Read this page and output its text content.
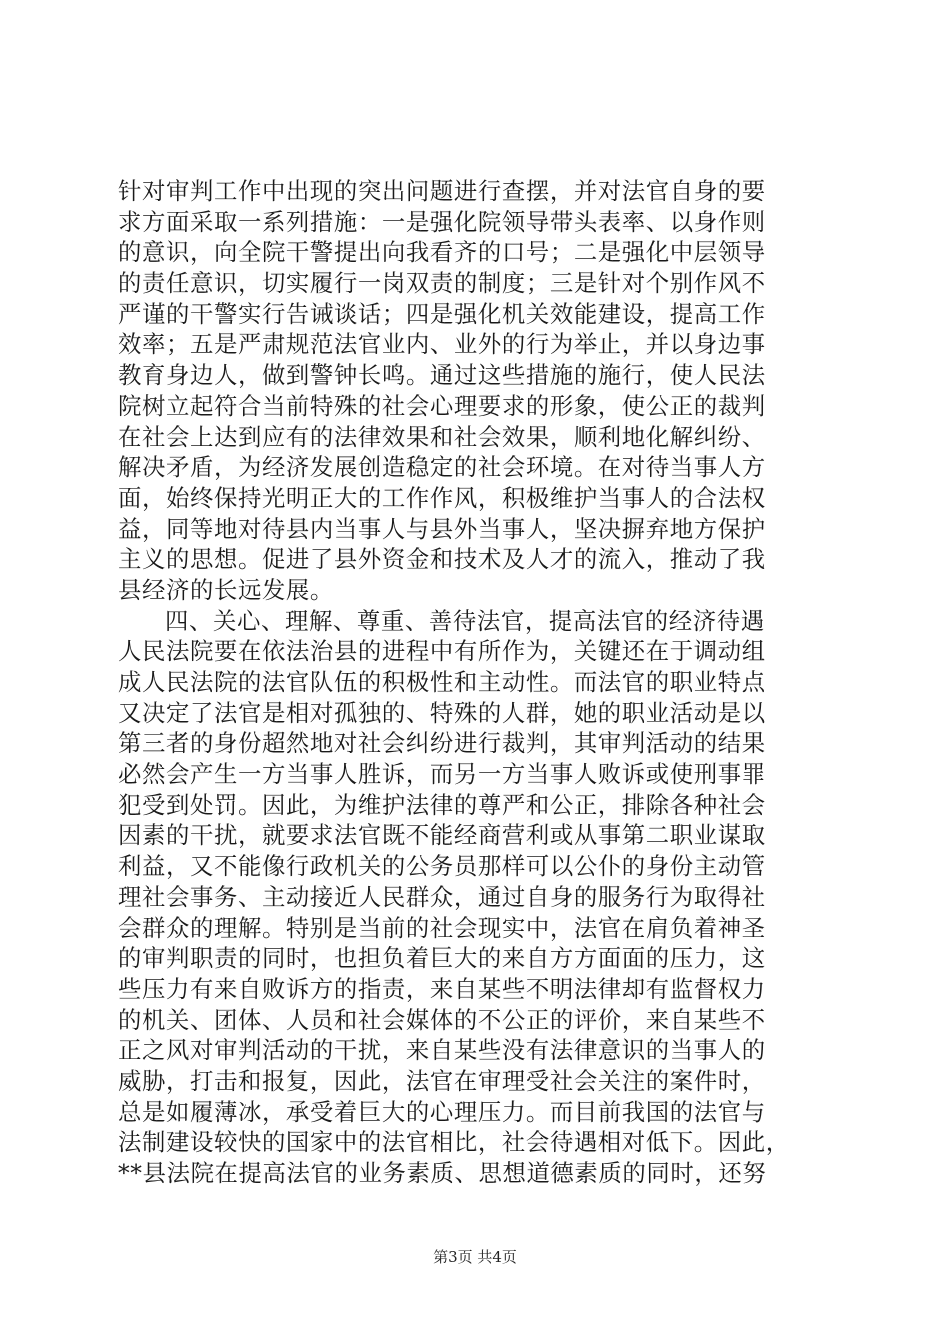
针对审判工作中出现的突出问题进行查摆，并对法官自身的要
求方面采取一系列措施：一是强化院领导带头表率、以身作则
的意识，向全院干警提出向我看齐的口号；二是强化中层领导
的责任意识，切实履行一岗双责的制度；三是针对个别作风不
严谨的干警实行告诫谈话；四是强化机关效能建设，提高工作
效率；五是严肃规范法官业内、业外的行为举止，并以身边事
教育身边人，做到警钟长鸣。通过这些措施的施行，使人民法
院树立起符合当前特殊的社会心理要求的形象，使公正的裁判
在社会上达到应有的法律效果和社会效果，顺利地化解纠纷、
解决矛盾，为经济发展创造稳定的社会环境。在对待当事人方
面，始终保持光明正大的工作作风，积极维护当事人的合法权
益，同等地对待县内当事人与县外当事人，坚决摒弃地方保护
主义的思想。促进了县外资金和技术及人才的流入，推动了我
县经济的长远发展。
四、关心、理解、尊重、善待法官，提高法官的经济待遇
人民法院要在依法治县的进程中有所作为，关键还在于调动组
成人民法院的法官队伍的积极性和主动性。而法官的职业特点
又决定了法官是相对孤独的、特殊的人群，她的职业活动是以
第三者的身份超然地对社会纠纷进行裁判，其审判活动的结果
必然会产生一方当事人胜诉，而另一方当事人败诉或使刑事罪
犯受到处罚。因此，为维护法律的尊严和公正，排除各种社会
因素的干扰，就要求法官既不能经商营利或从事第二职业谋取
利益，又不能像行政机关的公务员那样可以公仆的身份主动管
理社会事务、主动接近人民群众，通过自身的服务行为取得社
会群众的理解。特别是当前的社会现实中，法官在肩负着神圣
的审判职责的同时，也担负着巨大的来自方方面面的压力，这
些压力有来自败诉方的指责，来自某些不明法律却有监督权力
的机关、团体、人员和社会媒体的不公正的评价，来自某些不
正之风对审判活动的干扰，来自某些没有法律意识的当事人的
威胁，打击和报复，因此，法官在审理受社会关注的案件时，
总是如履薄冰，承受着巨大的心理压力。而目前我国的法官与
法制建设较快的国家中的法官相比，社会待遇相对低下。因此，
**县法院在提高法官的业务素质、思想道德素质的同时，还努
第3页 共4页
